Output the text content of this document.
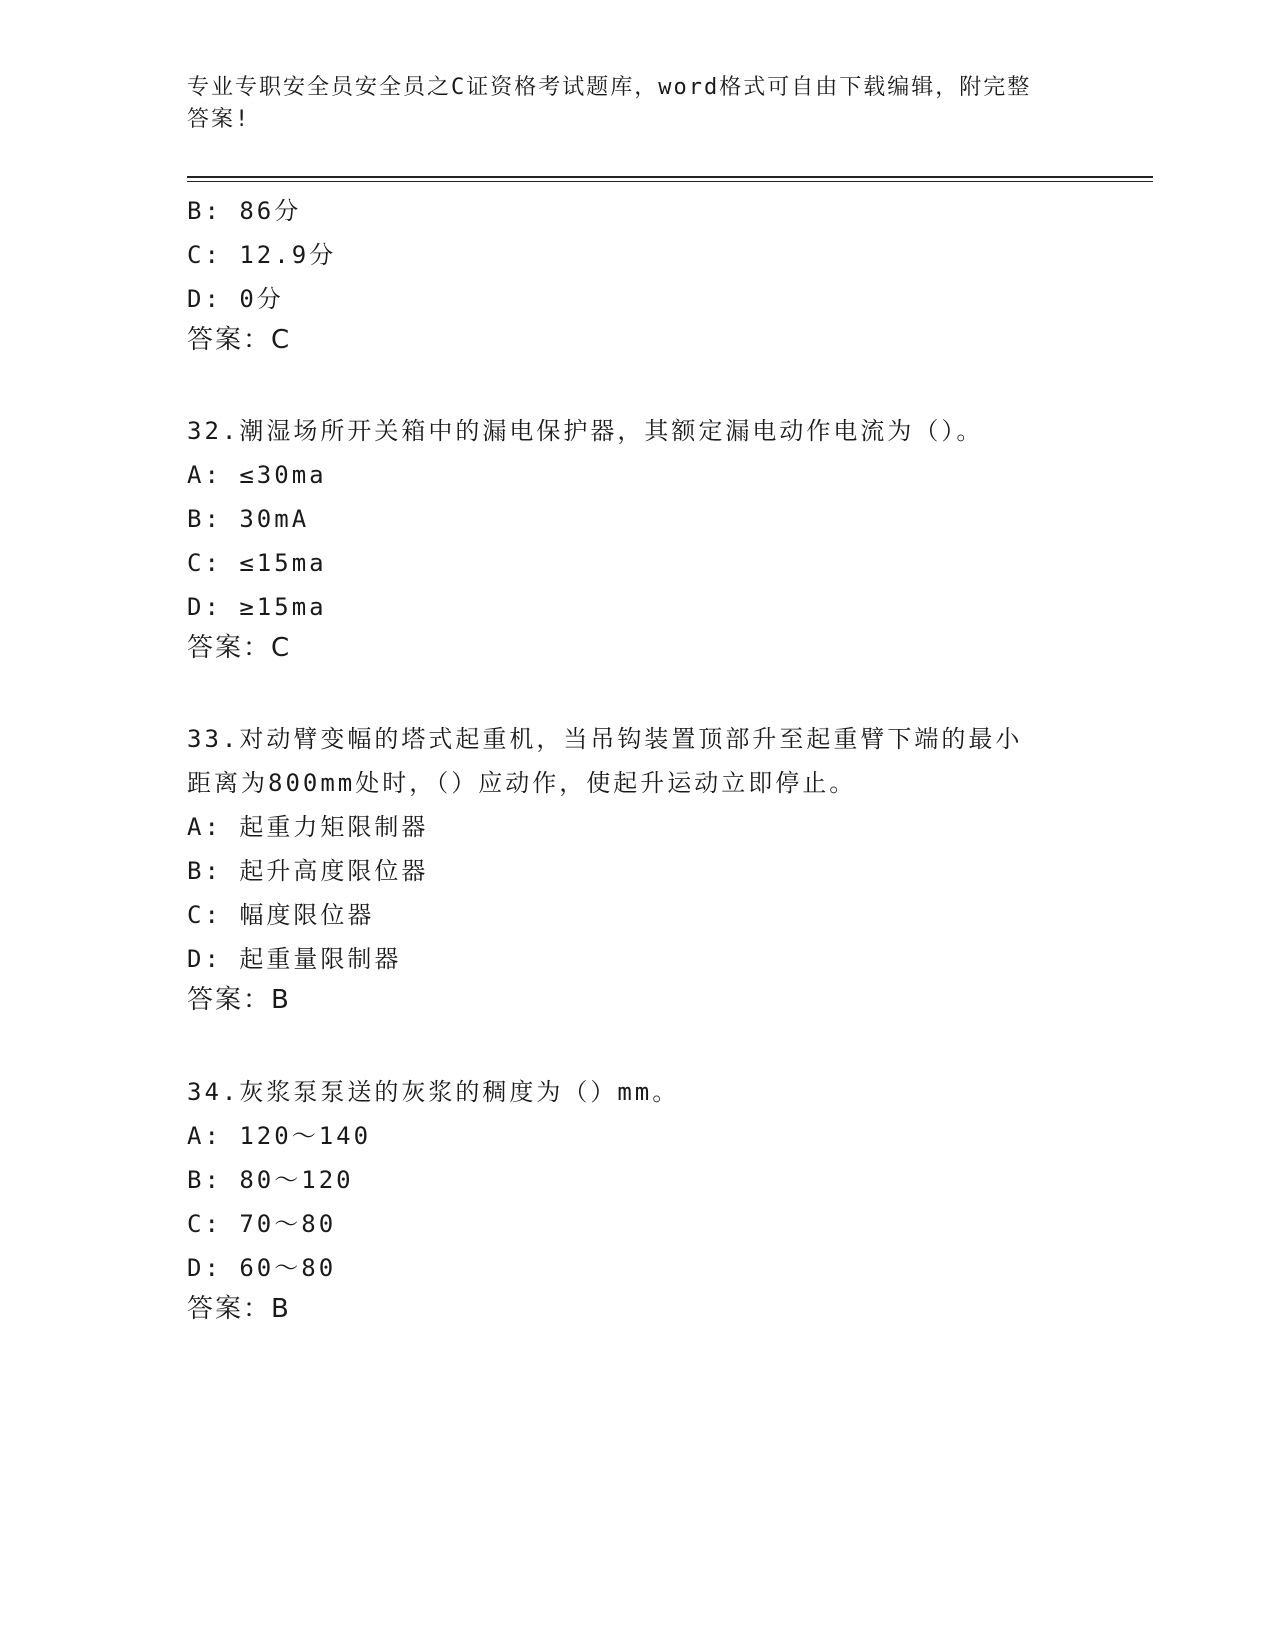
专业专职安全员安全员之C证资格考试题库，word格式可自由下载编辑，附完整
答案!
B: 86分
C: 12.9分
D: 0分
答案：C
32.潮湿场所开关箱中的漏电保护器，其额定漏电动作电流为（）。
A: ≤30ma
B: 30mA
C: ≤15ma
D: ≥15ma
答案：C
33.对动臂变幅的塔式起重机，当吊钩装置顶部升至起重臂下端的最小
距离为800mm处时，（）应动作，使起升运动立即停止。
A: 起重力矩限制器
B: 起升高度限位器
C: 幅度限位器
D: 起重量限制器
答案：B
34.灰浆泵泵送的灰浆的稠度为（）mm。
A: 120～140
B: 80～120
C: 70～80
D: 60～80
答案：B
